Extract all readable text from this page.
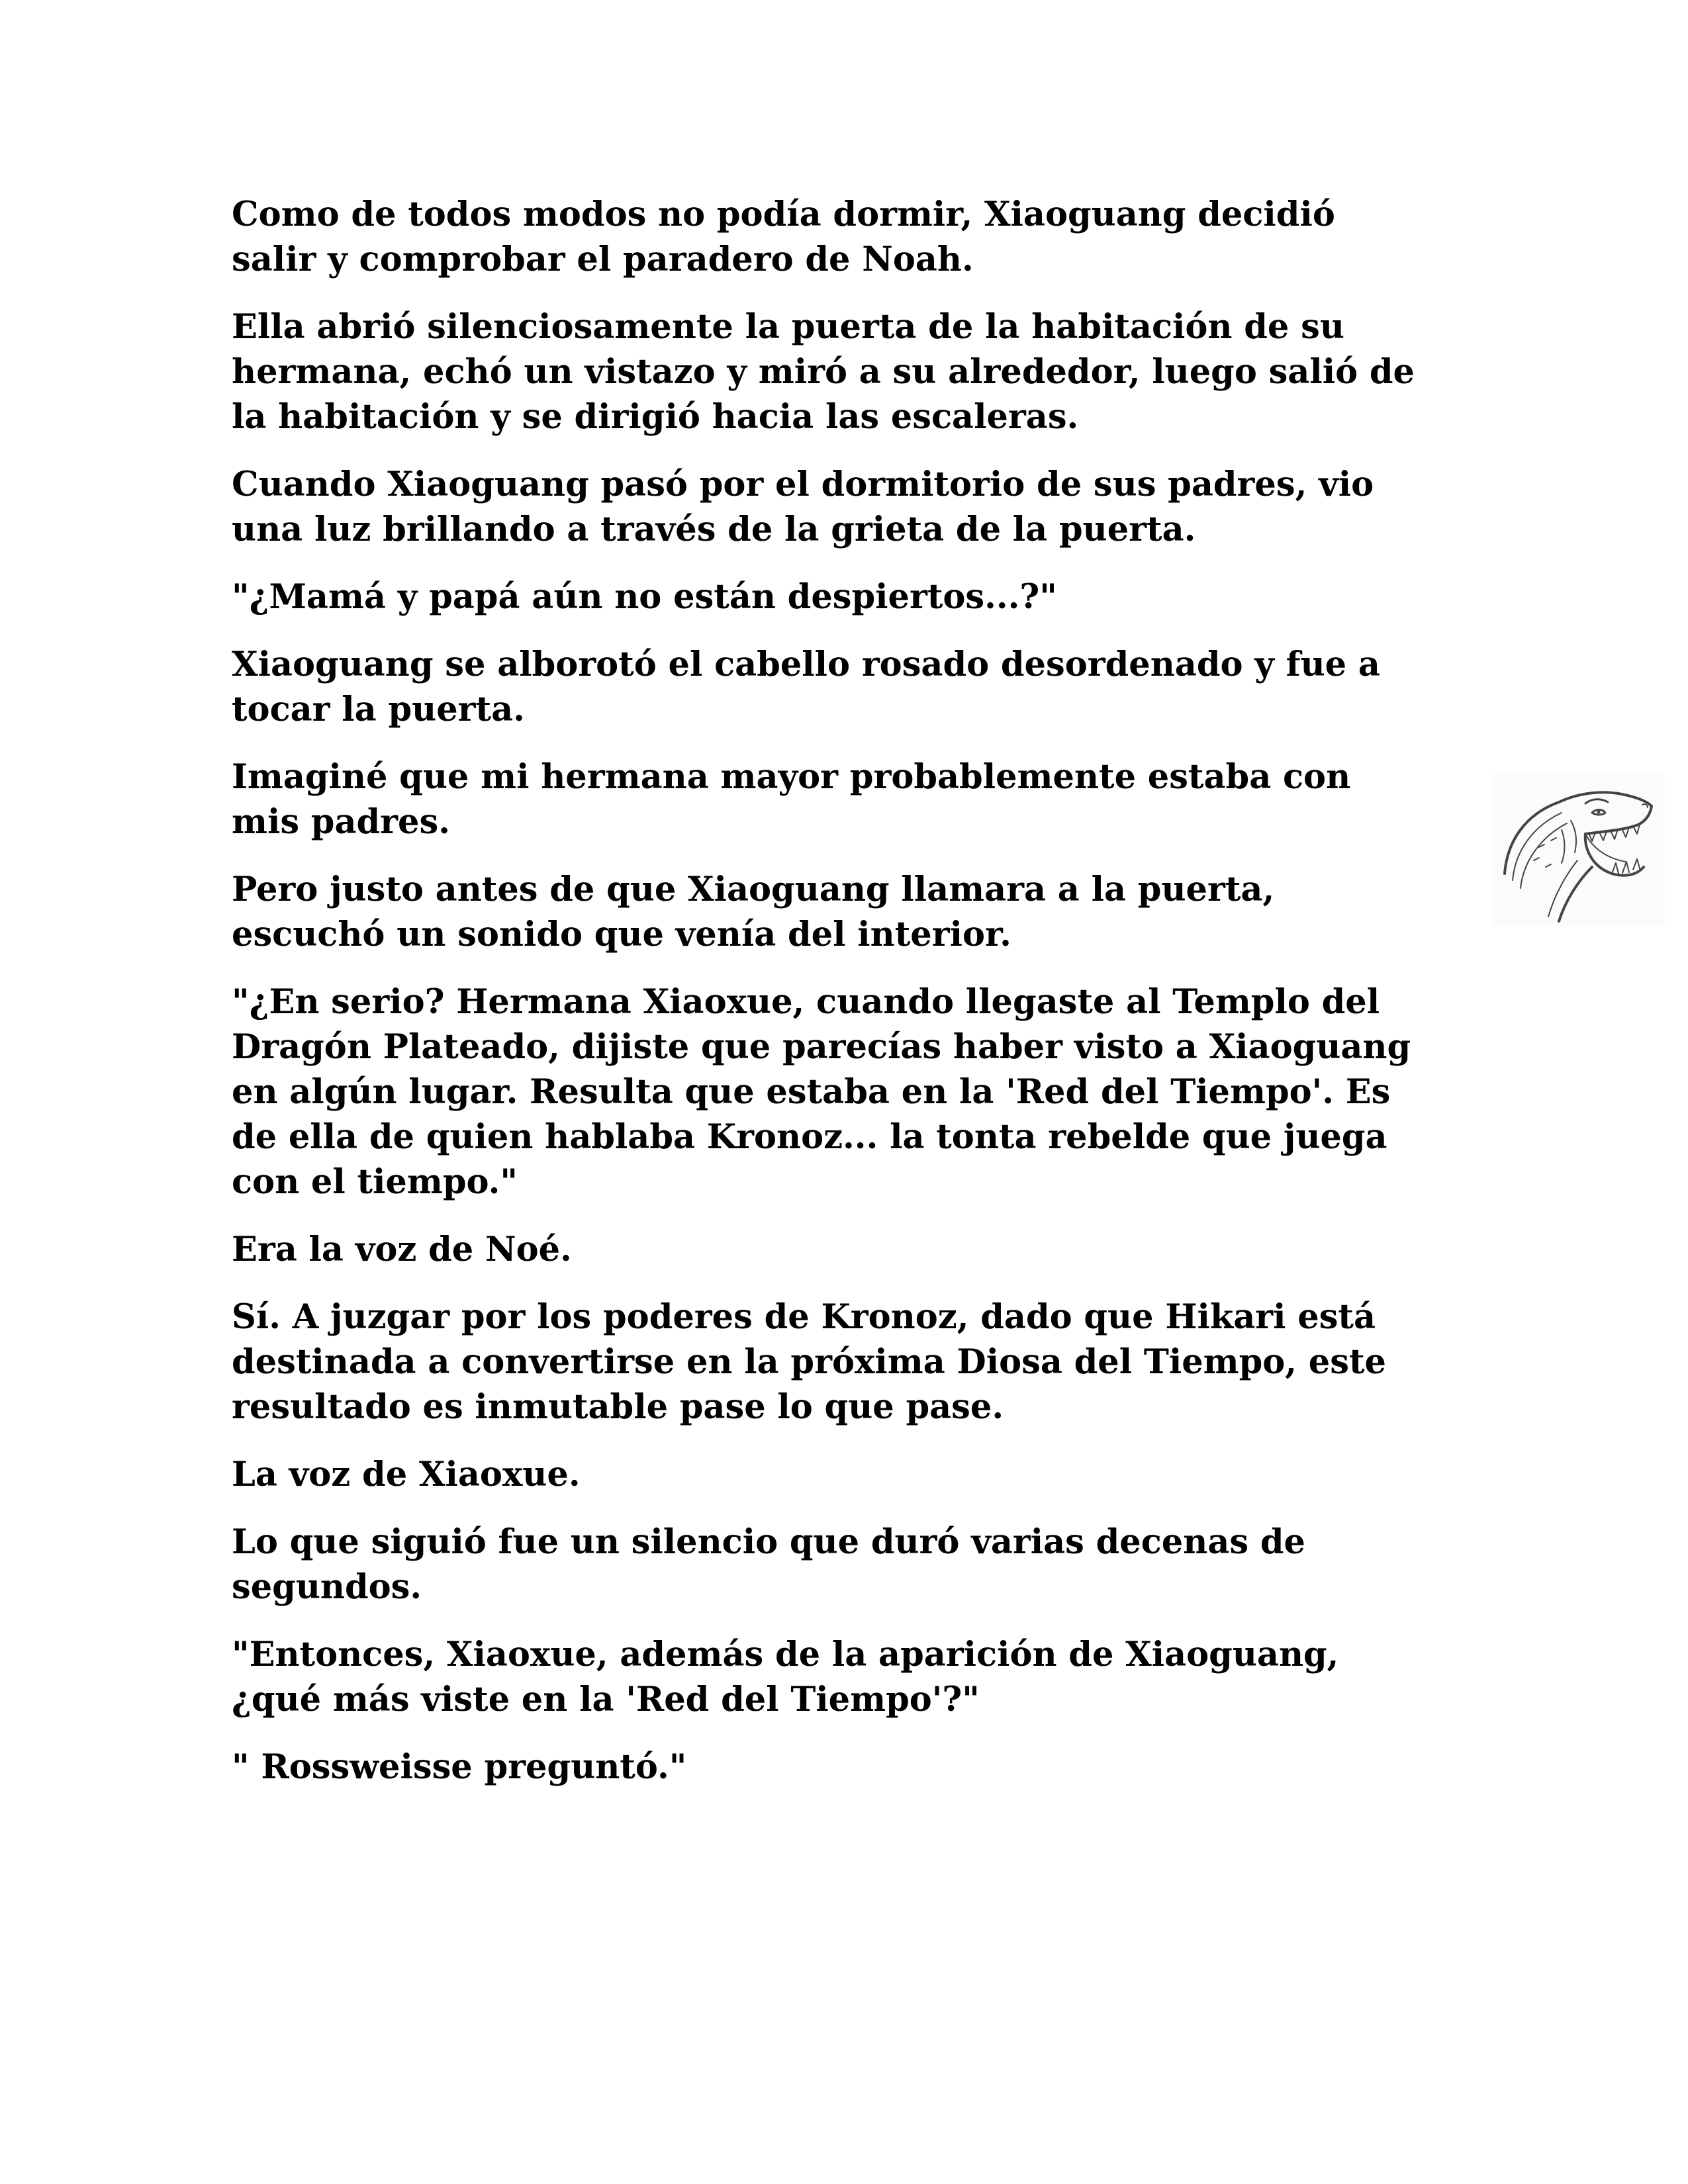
Como de todos modos no podía dormir, Xiaoguang decidió
salir y comprobar el paradero de Noah.

Ella abrió silenciosamente la puerta de la habitación de su
hermana, echó un vistazo y miró a su alrededor, luego salió de
la habitación y se dirigió hacia las escaleras.

Cuando Xiaoguang pasó por el dormitorio de sus padres, vio
una luz brillando a través de la grieta de la puerta.

"¿Mamá y papá aún no están despiertos...?"

Xiaoguang se alborotó el cabello rosado desordenado y fue a
tocar la puerta.

Imaginé que mi hermana mayor probablemente estaba con
mis padres.

Pero justo antes de que Xiaoguang llamara a la puerta,
escuchó un sonido que venía del interior.

"¿En serio? Hermana Xiaoxue, cuando llegaste al Templo del
Dragón Plateado, dijiste que parecías haber visto a Xiaoguang
en algún lugar. Resulta que estaba en la 'Red del Tiempo'. Es
de ella de quien hablaba Kronoz... la tonta rebelde que juega
con el tiempo."

Era la voz de Noé.

Sí. A juzgar por los poderes de Kronoz, dado que Hikari está
destinada a convertirse en la próxima Diosa del Tiempo, este
resultado es inmutable pase lo que pase.

La voz de Xiaoxue.

Lo que siguió fue un silencio que duró varias decenas de
segundos.

"Entonces, Xiaoxue, además de la aparición de Xiaoguang,
¿qué más viste en la 'Red del Tiempo'?"

" Rossweisse preguntó."
